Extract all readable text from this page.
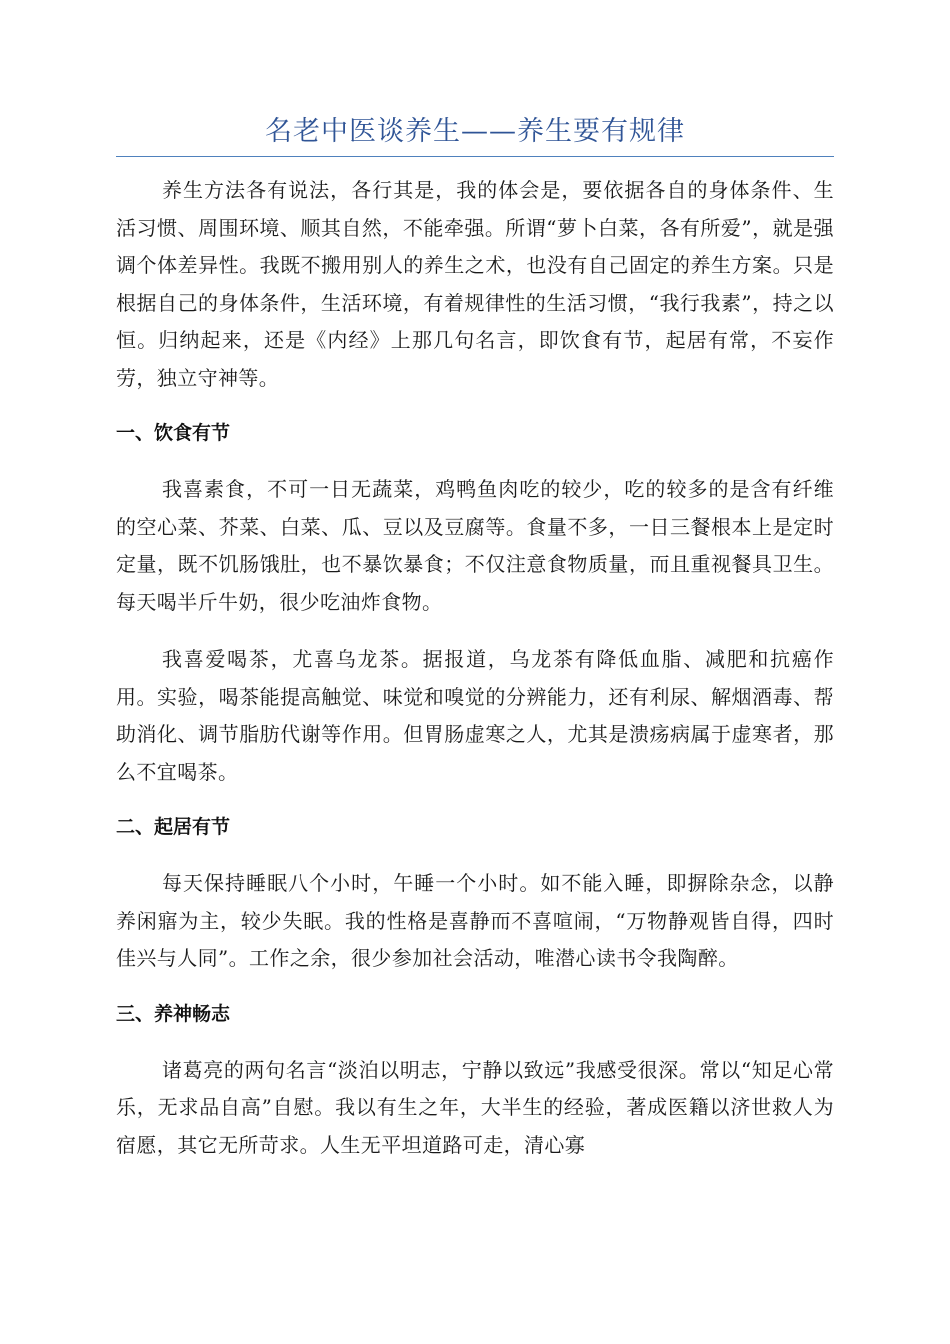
名老中医谈养生——养生要有规律

养生方法各有说法，各行其是，我的体会是，要依据各自的身体条件、生活习惯、周围环境、顺其自然，不能牵强。所谓“萝卜白菜，各有所爱”，就是强调个体差异性。我既不搬用别人的养生之术，也没有自己固定的养生方案。只是根据自己的身体条件，生活环境，有着规律性的生活习惯，“我行我素”，持之以恒。归纳起来，还是《内经》上那几句名言，即饮食有节，起居有常，不妄作劳，独立守神等。

一、饮食有节

我喜素食，不可一日无蔬菜，鸡鸭鱼肉吃的较少，吃的较多的是含有纤维的空心菜、芥菜、白菜、瓜、豆以及豆腐等。食量不多，一日三餐根本上是定时定量，既不饥肠饿肚，也不暴饮暴食；不仅注意食物质量，而且重视餐具卫生。每天喝半斤牛奶，很少吃油炸食物。

我喜爱喝茶，尤喜乌龙茶。据报道，乌龙茶有降低血脂、减肥和抗癌作用。实验，喝茶能提高触觉、味觉和嗅觉的分辨能力，还有利尿、解烟酒毒、帮助消化、调节脂肪代谢等作用。但胃肠虚寒之人，尤其是溃疡病属于虚寒者，那么不宜喝茶。

二、起居有节

每天保持睡眠八个小时，午睡一个小时。如不能入睡，即摒除杂念，以静养闲寤为主，较少失眠。我的性格是喜静而不喜喧闹，“万物静观皆自得，四时佳兴与人同”。工作之余，很少参加社会活动，唯潜心读书令我陶醉。

三、养神畅志

诸葛亮的两句名言“淡泊以明志，宁静以致远”我感受很深。常以“知足心常乐，无求品自高”自慰。我以有生之年，大半生的经验，著成医籍以济世救人为宿愿，其它无所苛求。人生无平坦道路可走，清心寡
